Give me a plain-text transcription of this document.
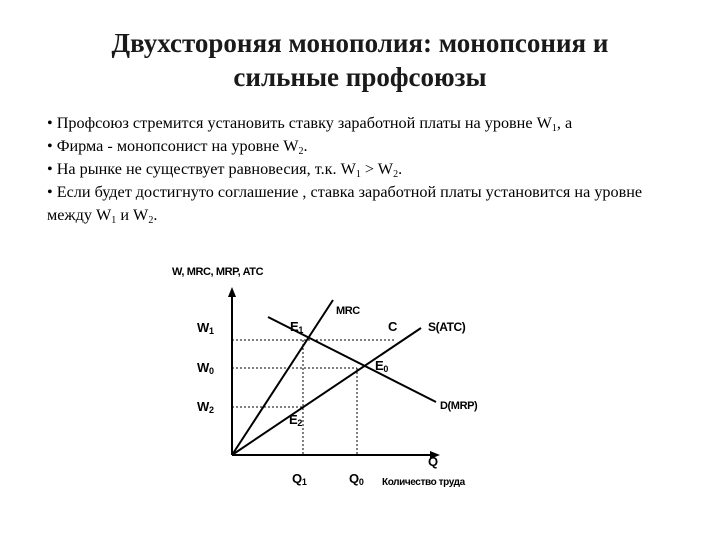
Двухстороняя монополия: монопсония и
сильные профсоюзы

• Профсоюз стремится установить ставку заработной платы на уровне $W_1$, а

• Фирма - монопсонист на уровне $W_2$.

• На рынке не существует равновесия, т.к. $W_1 > W_2$.

• Если будет достигнуто соглашение , ставка заработной платы установится на уровне между $W_1$ и $W_2$.

W, MRC, MRP, ATC
Q
Количество труда
W1
W0
W2
Q1	Q0
E1
E0
E2
MRC
C	S(ATC)
D(MRP)
